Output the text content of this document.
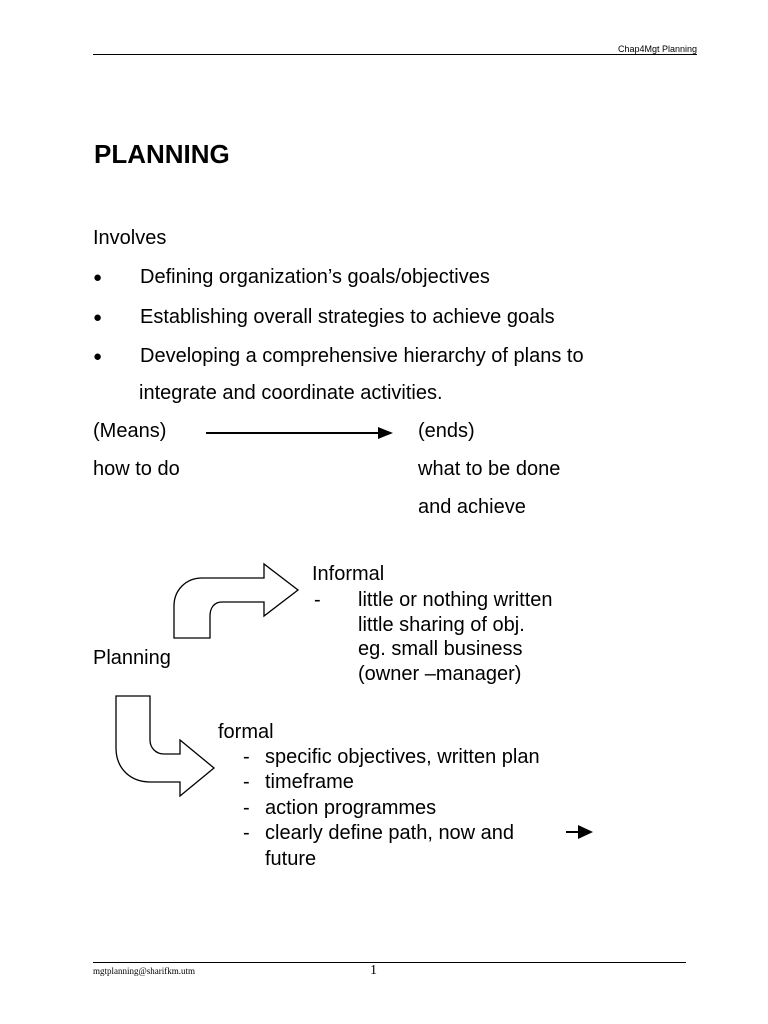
Chap4Mgt Planning
PLANNING
Involves
● Defining organization’s goals/objectives
● Establishing overall strategies to achieve goals
● Developing a comprehensive hierarchy of plans to
integrate and coordinate activities.
(Means)	(ends)
how to do	what to be done
and achieve
Planning
Informal
- little or nothing written
little sharing of obj.
eg. small business
(owner –manager)
formal
- specific objectives, written plan
- timeframe
- action programmes
- clearly define path, now and
future
mgtplanning@sharifkm.utm	1
